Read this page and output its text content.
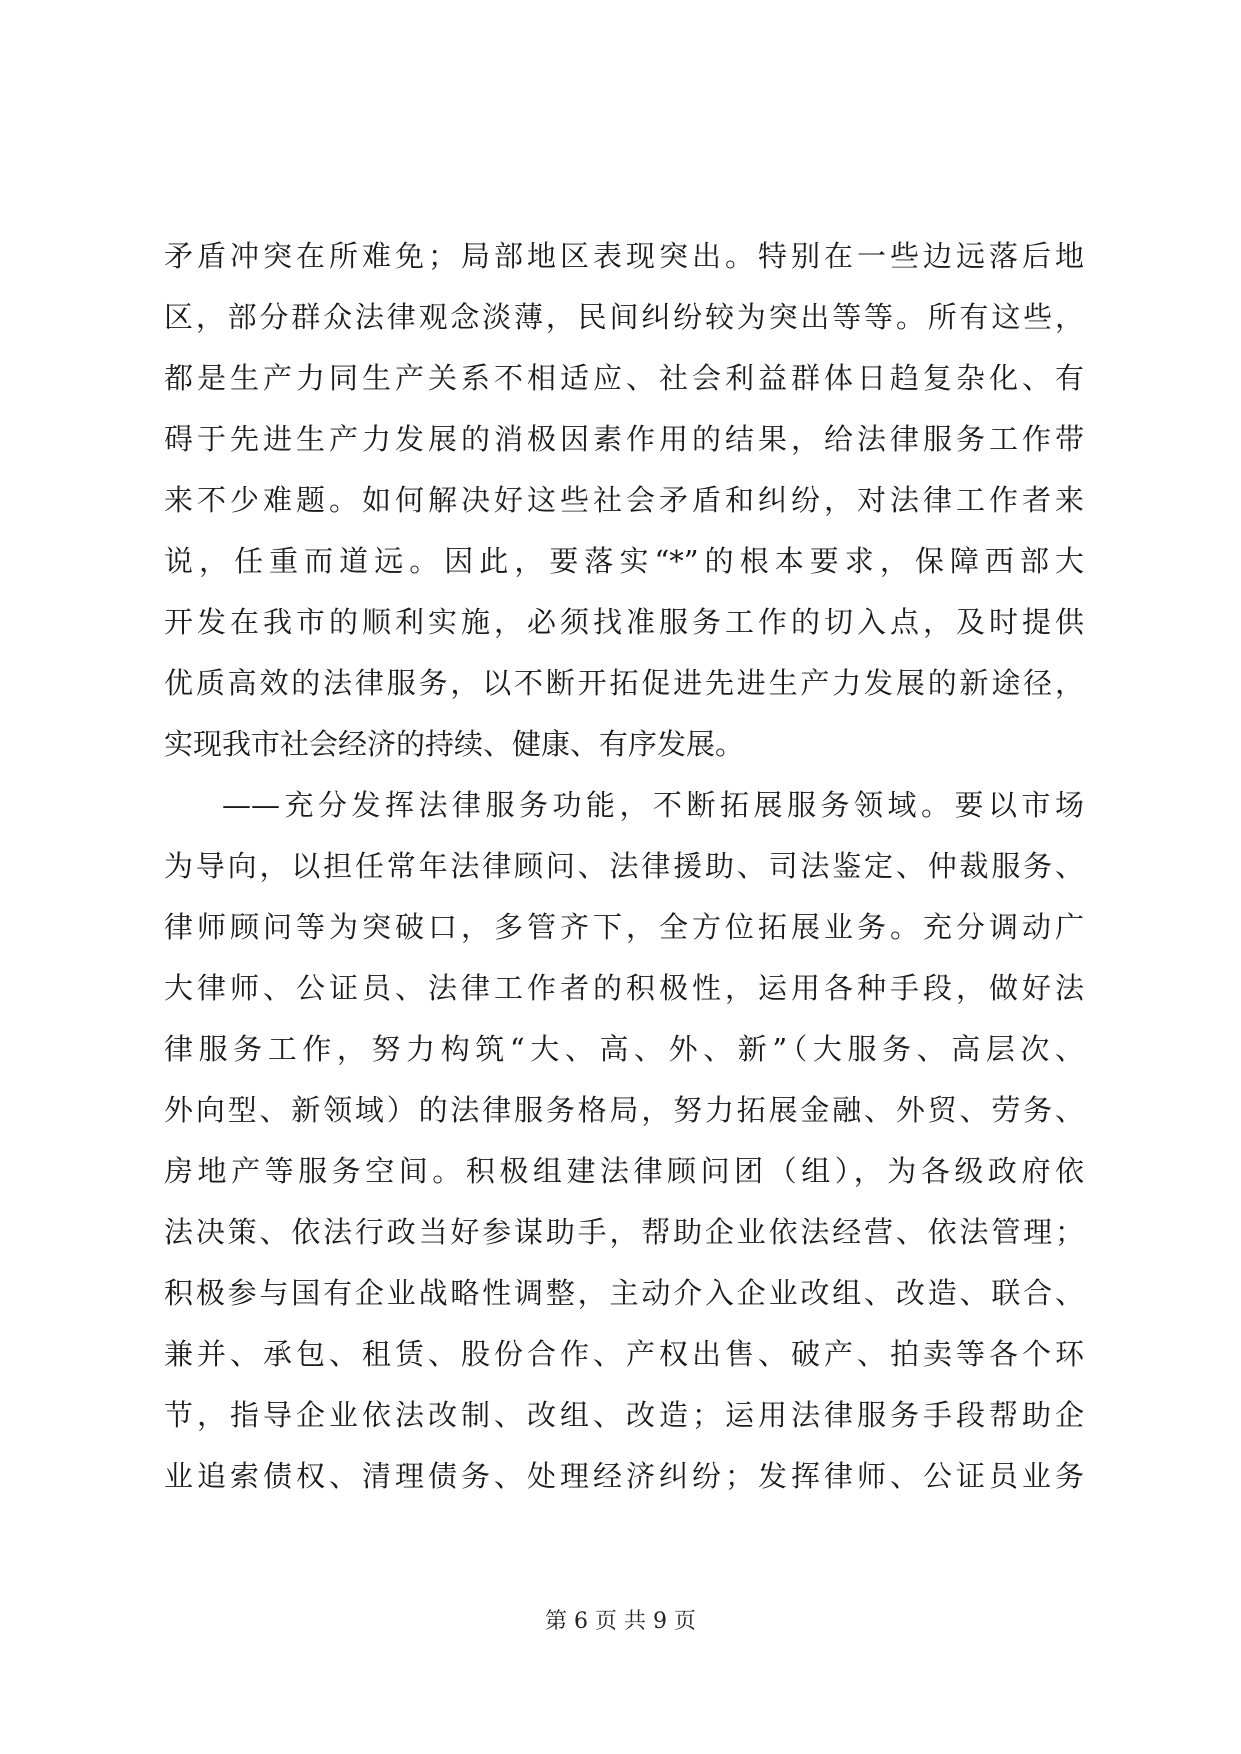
矛盾冲突在所难免；局部地区表现突出。特别在一些边远落后地
区，部分群众法律观念淡薄，民间纠纷较为突出等等。所有这些，
都是生产力同生产关系不相适应、社会利益群体日趋复杂化、有
碍于先进生产力发展的消极因素作用的结果，给法律服务工作带
来不少难题。如何解决好这些社会矛盾和纠纷，对法律工作者来
说，任重而道远。因此，要落实“*”的根本要求，保障西部大
开发在我市的顺利实施，必须找准服务工作的切入点，及时提供
优质高效的法律服务，以不断开拓促进先进生产力发展的新途径，
实现我市社会经济的持续、健康、有序发展。
——充分发挥法律服务功能，不断拓展服务领域。要以市场
为导向，以担任常年法律顾问、法律援助、司法鉴定、仲裁服务、
律师顾问等为突破口，多管齐下，全方位拓展业务。充分调动广
大律师、公证员、法律工作者的积极性，运用各种手段，做好法
律服务工作，努力构筑“大、高、外、新”（大服务、高层次、
外向型、新领域）的法律服务格局，努力拓展金融、外贸、劳务、
房地产等服务空间。积极组建法律顾问团（组），为各级政府依
法决策、依法行政当好参谋助手，帮助企业依法经营、依法管理；
积极参与国有企业战略性调整，主动介入企业改组、改造、联合、
兼并、承包、租赁、股份合作、产权出售、破产、拍卖等各个环
节，指导企业依法改制、改组、改造；运用法律服务手段帮助企
业追索债权、清理债务、处理经济纠纷；发挥律师、公证员业务
第 6 页 共 9 页
